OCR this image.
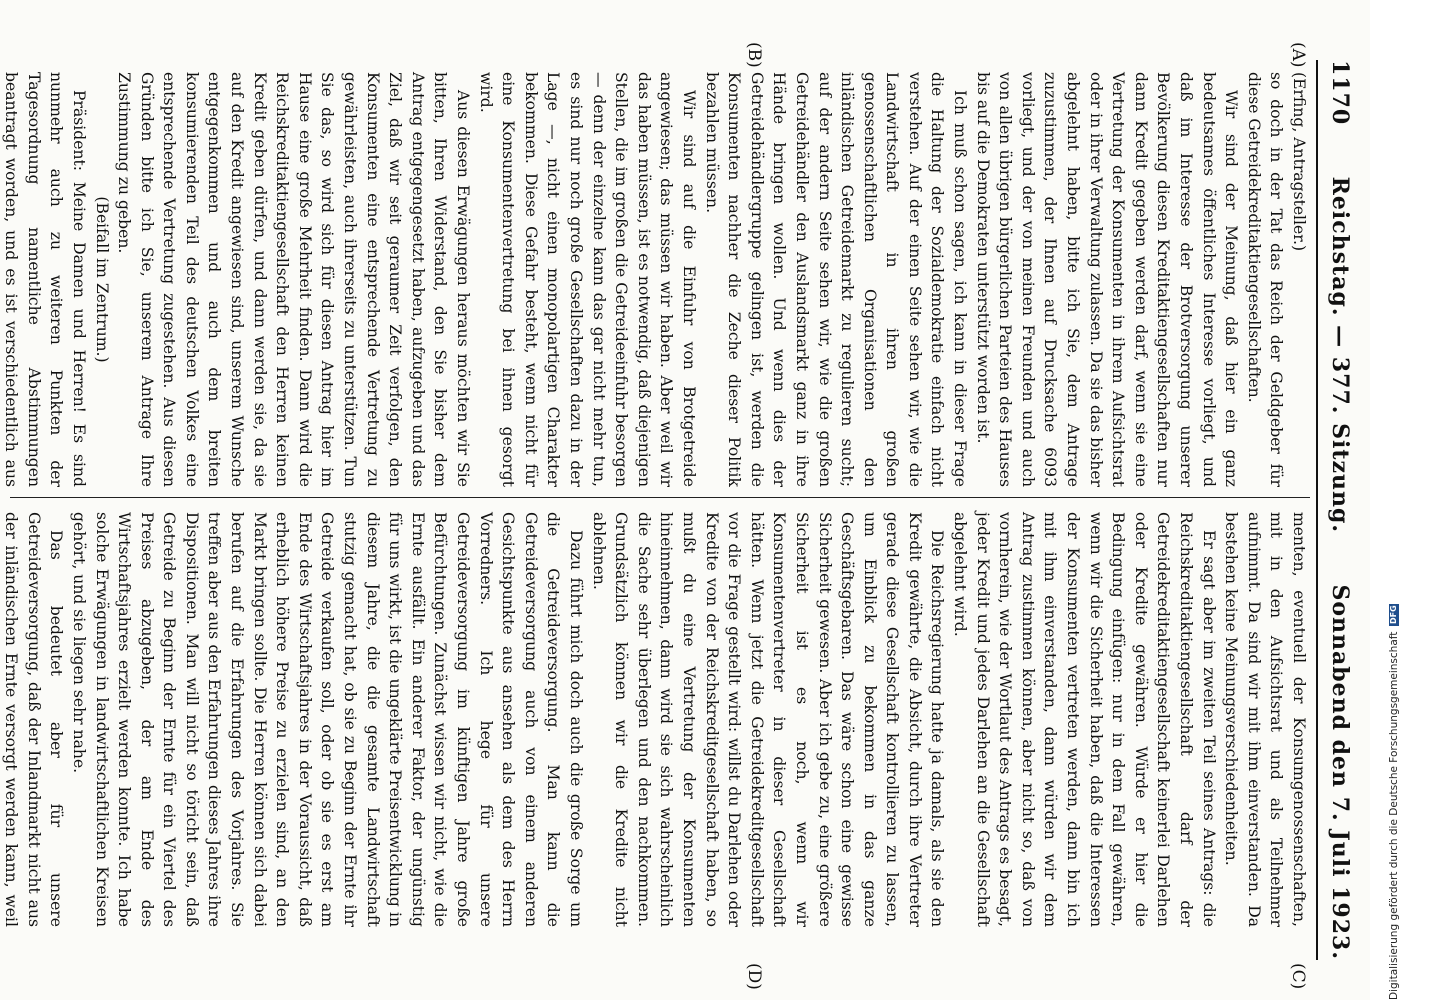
1170
Reichstag. — 377. Sitzung.
Sonnabend den 7. Juli 1923.
(A)
(B)
(C)
(D)

(Erfing, Antragsteller.)

so doch in der Tat das Reich der Geldgeber für diese Getreidekreditaktiengesellschaften.

Wir sind der Meinung, daß hier ein ganz bedeutsames öffentliches Interesse vorliegt, und daß im Interesse der Brotversorgung unserer Bevölkerung diesen Kreditaktiengesellschaften nur dann Kredit gegeben werden darf, wenn sie eine Vertretung der Konsumenten in ihrem Aufsichtsrat oder in ihrer Verwaltung zulassen. Da sie das bisher abgelehnt haben, bitte ich Sie, dem Antrage zuzustimmen, der Ihnen auf Drucksache 6093 vorliegt, und der von meinen Freunden und auch von allen übrigen bürgerlichen Parteien des Hauses bis auf die Demokraten unterstützt worden ist.

Ich muß schon sagen, ich kann in dieser Frage die Haltung der Sozialdemokratie einfach nicht verstehen. Auf der einen Seite sehen wir, wie die Landwirtschaft in ihren großen genossenschaftlichen Organisationen den inländischen Getreidemarkt zu regulieren sucht; auf der andern Seite sehen wir, wie die großen Getreidehändler den Auslandsmarkt ganz in ihre Hände bringen wollen. Und wenn dies der Getreidehändlergruppe gelingen ist, werden die Konsumenten nachher die Zeche dieser Politik bezahlen müssen.

Wir sind auf die Einfuhr von Brotgetreide angewiesen; das müssen wir haben. Aber weil wir das haben müssen, ist es notwendig, daß diejenigen Stellen, die im großen die Getreideeinfuhr besorgen — denn der einzelne kann das gar nicht mehr tun, es sind nur noch große Gesellschaften dazu in der Lage —, nicht einen monopolartigen Charakter bekommen. Diese Gefahr besteht, wenn nicht für eine Konsumentenvertretung bei ihnen gesorgt wird.

Aus diesen Erwägungen heraus möchten wir Sie bitten, Ihren Widerstand, den Sie bisher dem Antrag entgegengesetzt haben, aufzugeben und das Ziel, daß wir seit geraumer Zeit verfolgen, den Konsumenten eine entsprechende Vertretung zu gewährleisten, auch ihrerseits zu unterstützen. Tun Sie das, so wird sich für diesen Antrag hier im Hause eine große Mehrheit finden. Dann wird die Reichskreditaktiengesellschaft den Herren keinen Kredit geben dürfen, und dann werden sie, da sie auf den Kredit angewiesen sind, unserem Wunsche entgegenkommen und auch dem breiten konsumierenden Teil des deutschen Volkes eine entsprechende Vertretung zugestehen. Aus diesen Gründen bitte ich Sie, unserem Antrage Ihre Zustimmung zu geben.

(Beifall im Zentrum.)

Präsident: Meine Damen und Herren! Es sind nunmehr auch zu weiteren Punkten der Tagesordnung namentliche Abstimmungen beantragt worden, und es ist verschiedentlich aus

menten, eventuell der Konsumgenossenschaften, mit in den Aufsichtsrat und als Teilnehmer aufnimmt. Da sind wir mit ihm einverstanden. Da bestehen keine Meinungsverschiedenheiten.

Er sagt aber im zweiten Teil seines Antrags: die Reichskreditaktiengesellschaft darf der Getreidekreditaktiengesellschaft keinerlei Darlehen oder Kredite gewähren. Würde er hier die Bedingung einfügen: nur in dem Fall gewähren, wenn wir die Sicherheit haben, daß die Interessen der Konsumenten vertreten werden, dann bin ich mit ihm einverstanden, dann würden wir dem Antrag zustimmen können, aber nicht so, daß von vornherein, wie der Wortlaut des Antrags es besagt, jeder Kredit und jedes Darlehen an die Gesellschaft abgelehnt wird.

Die Reichsregierung hatte ja damals, als sie den Kredit gewährte, die Absicht, durch ihre Vertreter gerade diese Gesellschaft kontrollieren zu lassen, um Einblick zu bekommen in das ganze Geschäftsgebaren. Das wäre schon eine gewisse Sicherheit gewesen. Aber ich gebe zu, eine größere Sicherheit ist es noch, wenn wir Konsumentenvertreter in dieser Gesellschaft hätten. Wenn jetzt die Getreidekreditgesellschaft vor die Frage gestellt wird: willst du Darlehen oder Kredite von der Reichskreditgesellschaft haben, so mußt du eine Vertretung der Konsumenten hineinnehmen, dann wird sie sich wahrscheinlich die Sache sehr überlegen und den nachkommen. Grundsätzlich können wir die Kredite nicht ablehnen.

Dazu führt mich doch auch die große Sorge um die Getreideversorgung. Man kann die Getreideversorgung auch von einem anderen Gesichtspunkte aus ansehen als dem des Herrn Vorredners. Ich hege für unsere Getreideversorgung im künftigen Jahre große Befürchtungen. Zunächst wissen wir nicht, wie die Ernte ausfällt. Ein anderer Faktor, der ungünstig für uns wirkt, ist die ungeklärte Preisentwicklung in diesem Jahre, die die gesamte Landwirtschaft stutzig gemacht hat, ob sie zu Beginn der Ernte ihr Getreide verkaufen soll, oder ob sie es erst am Ende des Wirtschaftsjahres in der Voraussicht, daß erheblich höhere Preise zu erzielen sind, an den Markt bringen sollte. Die Herren können sich dabei berufen auf die Erfahrungen des Vorjahres. Sie treffen aber aus den Erfahrungen dieses Jahres ihre Dispositionen. Man will nicht so töricht sein, daß Getreide zu Beginn der Ernte für ein Viertel des Preises abzugeben, der am Ende des Wirtschaftsjahres erzielt werden konnte. Ich habe solche Erwägungen in landwirtschaftlichen Kreisen gehört, und sie liegen sehr nahe.

Das bedeutet aber für unsere Getreideversorgung, daß der Inlandmarkt nicht aus der inländischen Ernte versorgt werden kann, weil	Digitalisierung gefördert durch die Deutsche Forschungsgemeinschaft
DFG
